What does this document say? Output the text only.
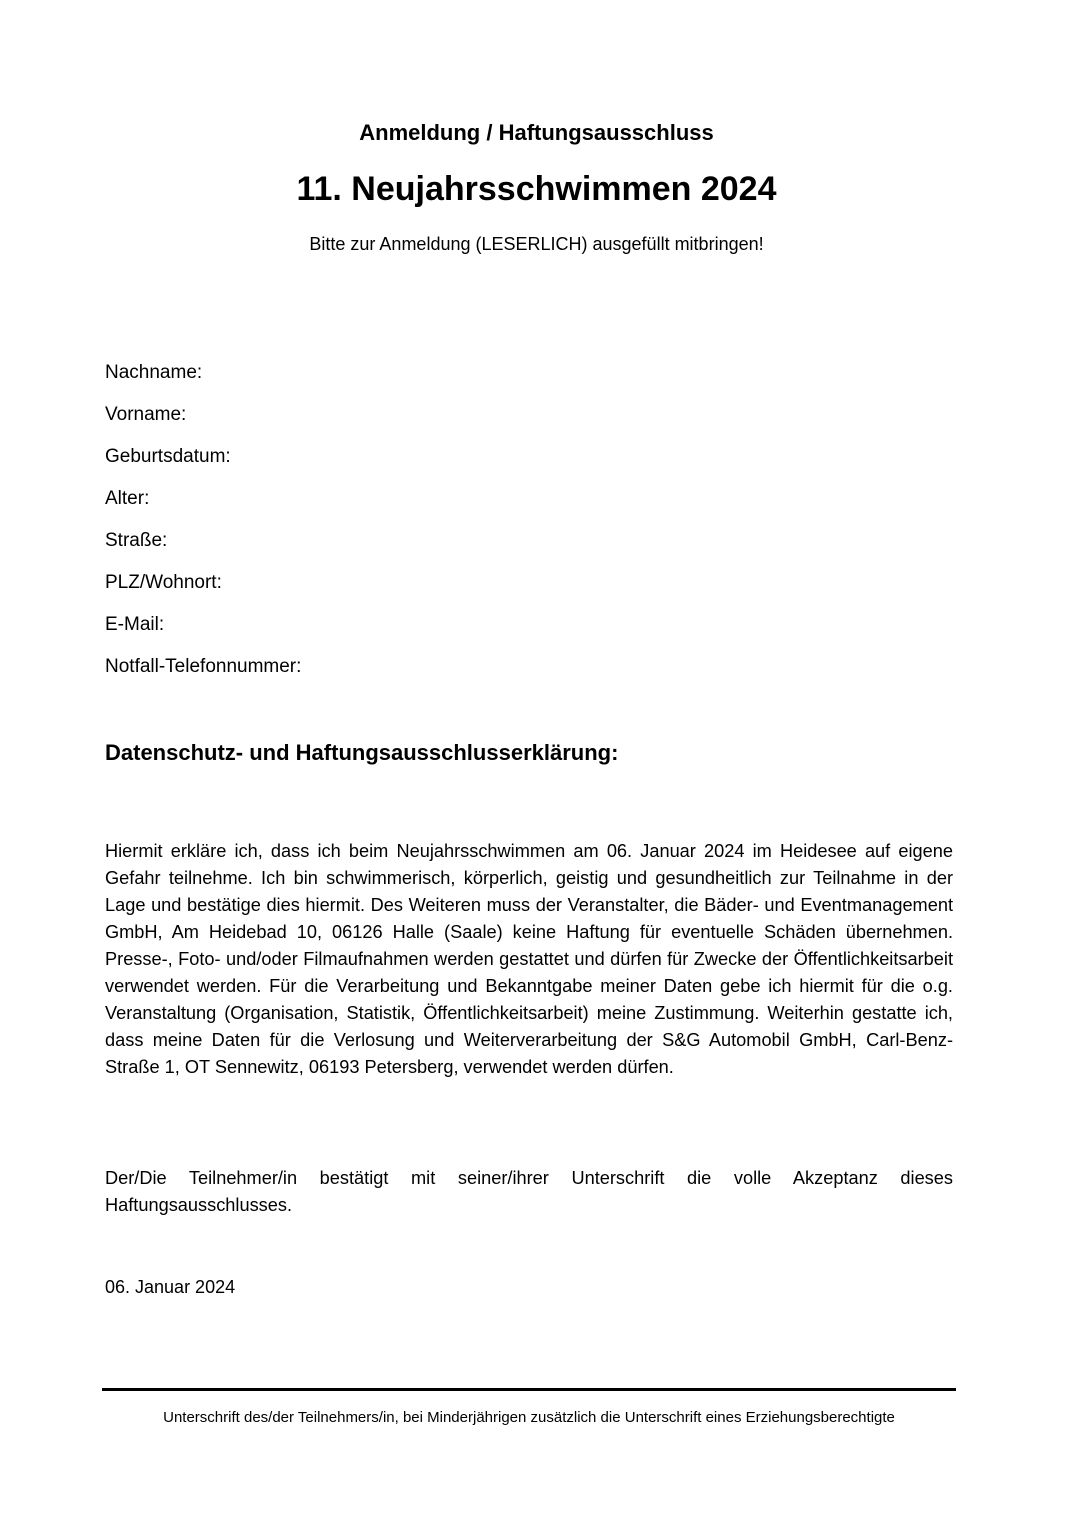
Anmeldung / Haftungsausschluss
11. Neujahrsschwimmen 2024
Bitte zur Anmeldung (LESERLICH) ausgefüllt mitbringen!
Nachname:
Vorname:
Geburtsdatum:
Alter:
Straße:
PLZ/Wohnort:
E-Mail:
Notfall-Telefonnummer:
Datenschutz- und Haftungsausschlusserklärung:
Hiermit erkläre ich, dass ich beim Neujahrsschwimmen am 06. Januar 2024 im Heidesee auf eigene Gefahr teilnehme. Ich bin schwimmerisch, körperlich, geistig und gesundheitlich zur Teilnahme in der Lage und bestätige dies hiermit. Des Weiteren muss der Veranstalter, die Bäder- und Eventmanagement GmbH, Am Heidebad 10, 06126 Halle (Saale) keine Haftung für eventuelle Schäden übernehmen. Presse-, Foto- und/oder Filmaufnahmen werden gestattet und dürfen für Zwecke der Öffentlichkeitsarbeit verwendet werden. Für die Verarbeitung und Bekanntgabe meiner Daten gebe ich hiermit für die o.g. Veranstaltung (Organisation, Statistik, Öffentlichkeitsarbeit) meine Zustimmung. Weiterhin gestatte ich, dass meine Daten für die Verlosung und Weiterverarbeitung der S&G Automobil GmbH, Carl-Benz-Straße 1, OT Sennewitz, 06193 Petersberg, verwendet werden dürfen.
Der/Die Teilnehmer/in bestätigt mit seiner/ihrer Unterschrift die volle Akzeptanz dieses Haftungsausschlusses.
06. Januar 2024
Unterschrift des/der Teilnehmers/in, bei Minderjährigen zusätzlich die Unterschrift eines Erziehungsberechtigte
